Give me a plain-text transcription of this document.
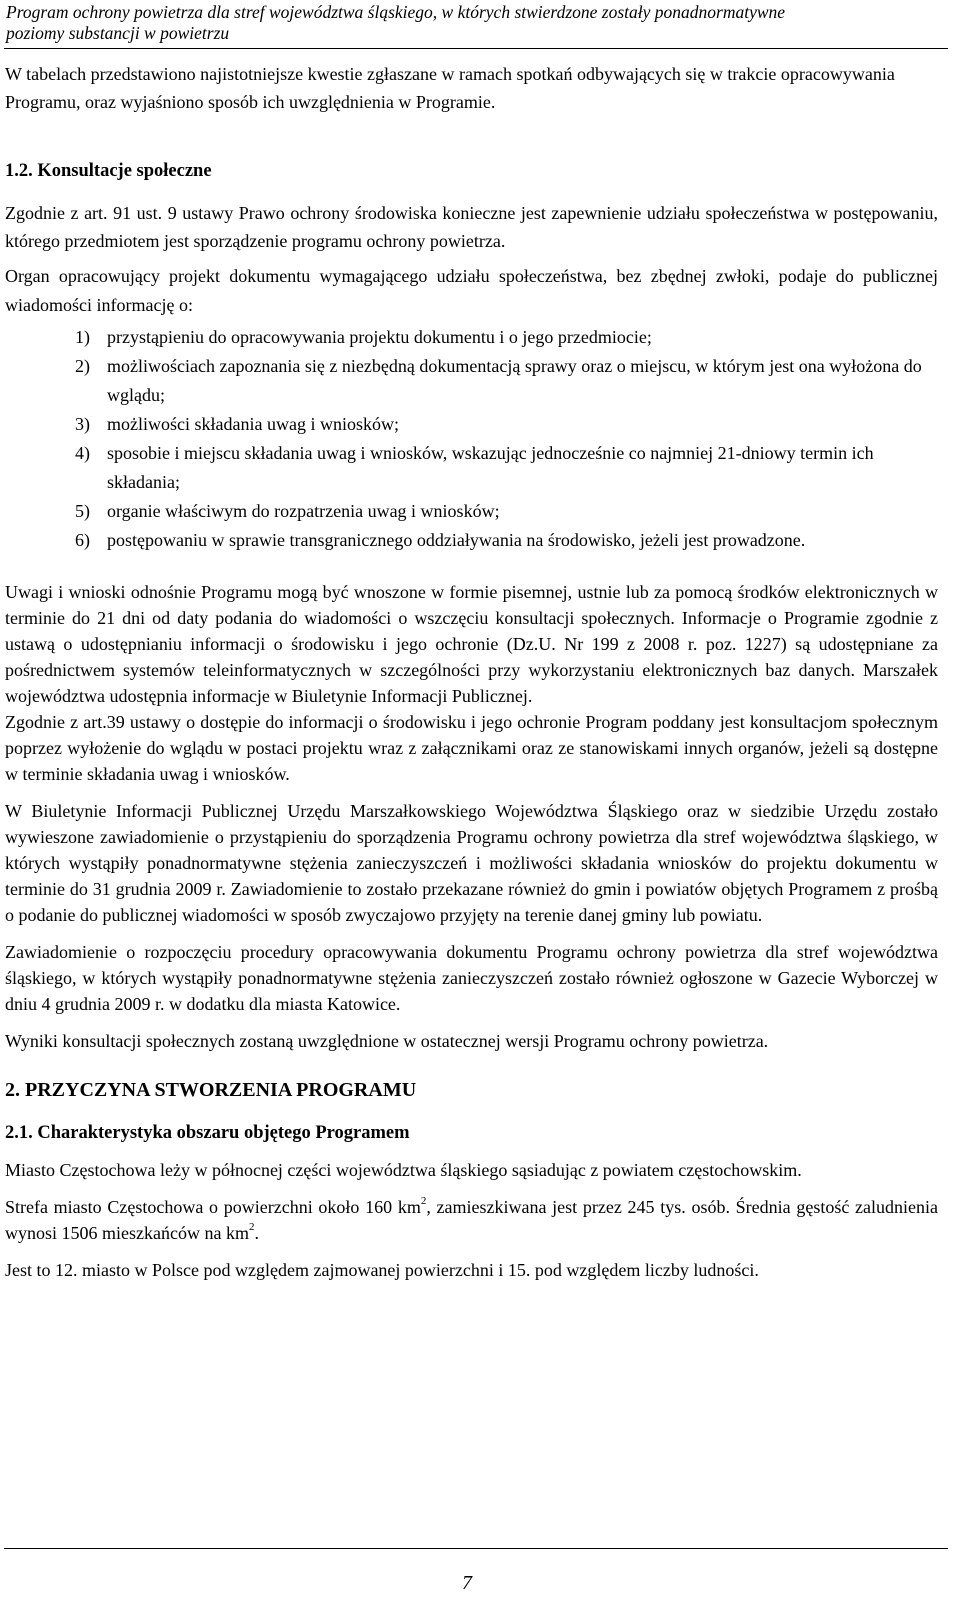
Program ochrony powietrza dla stref województwa śląskiego, w których stwierdzone zostały ponadnormatywne
poziomy substancji w powietrzu

W tabelach przedstawiono najistotniejsze kwestie zgłaszane w ramach spotkań odbywających się w trakcie opracowywania Programu, oraz wyjaśniono sposób ich uwzględnienia w Programie.

1.2. Konsultacje społeczne

Zgodnie z art. 91 ust. 9 ustawy Prawo ochrony środowiska konieczne jest zapewnienie udziału społeczeństwa w postępowaniu, którego przedmiotem jest sporządzenie programu ochrony powietrza.

Organ opracowujący projekt dokumentu wymagającego udziału społeczeństwa, bez zbędnej zwłoki, podaje do publicznej wiadomości informację o:

1) przystąpieniu do opracowywania projektu dokumentu i o jego przedmiocie;
2) możliwościach zapoznania się z niezbędną dokumentacją sprawy oraz o miejscu, w którym jest ona wyłożona do wglądu;
3) możliwości składania uwag i wniosków;
4) sposobie i miejscu składania uwag i wniosków, wskazując jednocześnie co najmniej 21-dniowy termin ich składania;
5) organie właściwym do rozpatrzenia uwag i wniosków;
6) postępowaniu w sprawie transgranicznego oddziaływania na środowisko, jeżeli jest prowadzone.

Uwagi i wnioski odnośnie Programu mogą być wnoszone w formie pisemnej, ustnie lub za pomocą środków elektronicznych w terminie do 21 dni od daty podania do wiadomości o wszczęciu konsultacji społecznych. Informacje o Programie zgodnie z ustawą o udostępnianiu informacji o środowisku i jego ochronie (Dz.U. Nr 199 z 2008 r. poz. 1227) są udostępniane za pośrednictwem systemów teleinformatycznych w szczególności przy wykorzystaniu elektronicznych baz danych. Marszałek województwa udostępnia informacje w Biuletynie Informacji Publicznej.

Zgodnie z art.39 ustawy o dostępie do informacji o środowisku i jego ochronie Program poddany jest konsultacjom społecznym poprzez wyłożenie do wglądu w postaci projektu wraz z załącznikami oraz ze stanowiskami innych organów, jeżeli są dostępne w terminie składania uwag i wniosków.

W Biuletynie Informacji Publicznej Urzędu Marszałkowskiego Województwa Śląskiego oraz w siedzibie Urzędu zostało wywieszone zawiadomienie o przystąpieniu do sporządzenia Programu ochrony powietrza dla stref województwa śląskiego, w których wystąpiły ponadnormatywne stężenia zanieczyszczeń i możliwości składania wniosków do projektu dokumentu w terminie do 31 grudnia 2009 r. Zawiadomienie to zostało przekazane również do gmin i powiatów objętych Programem z prośbą o podanie do publicznej wiadomości w sposób zwyczajowo przyjęty na terenie danej gminy lub powiatu.

Zawiadomienie o rozpoczęciu procedury opracowywania dokumentu Programu ochrony powietrza dla stref województwa śląskiego, w których wystąpiły ponadnormatywne stężenia zanieczyszczeń zostało również ogłoszone w Gazecie Wyborczej w dniu 4 grudnia 2009 r. w dodatku dla miasta Katowice.

Wyniki konsultacji społecznych zostaną uwzględnione w ostatecznej wersji Programu ochrony powietrza.

2. PRZYCZYNA STWORZENIA PROGRAMU
2.1. Charakterystyka obszaru objętego Programem

Miasto Częstochowa leży w północnej części województwa śląskiego sąsiadując z powiatem częstochowskim.

Strefa miasto Częstochowa o powierzchni około 160 $km^2$, zamieszkiwana jest przez 245 tys. osób. Średnia gęstość zaludnienia wynosi 1506 mieszkańców na $km^2$.

Jest to 12. miasto w Polsce pod względem zajmowanej powierzchni i 15. pod względem liczby ludności.

7
